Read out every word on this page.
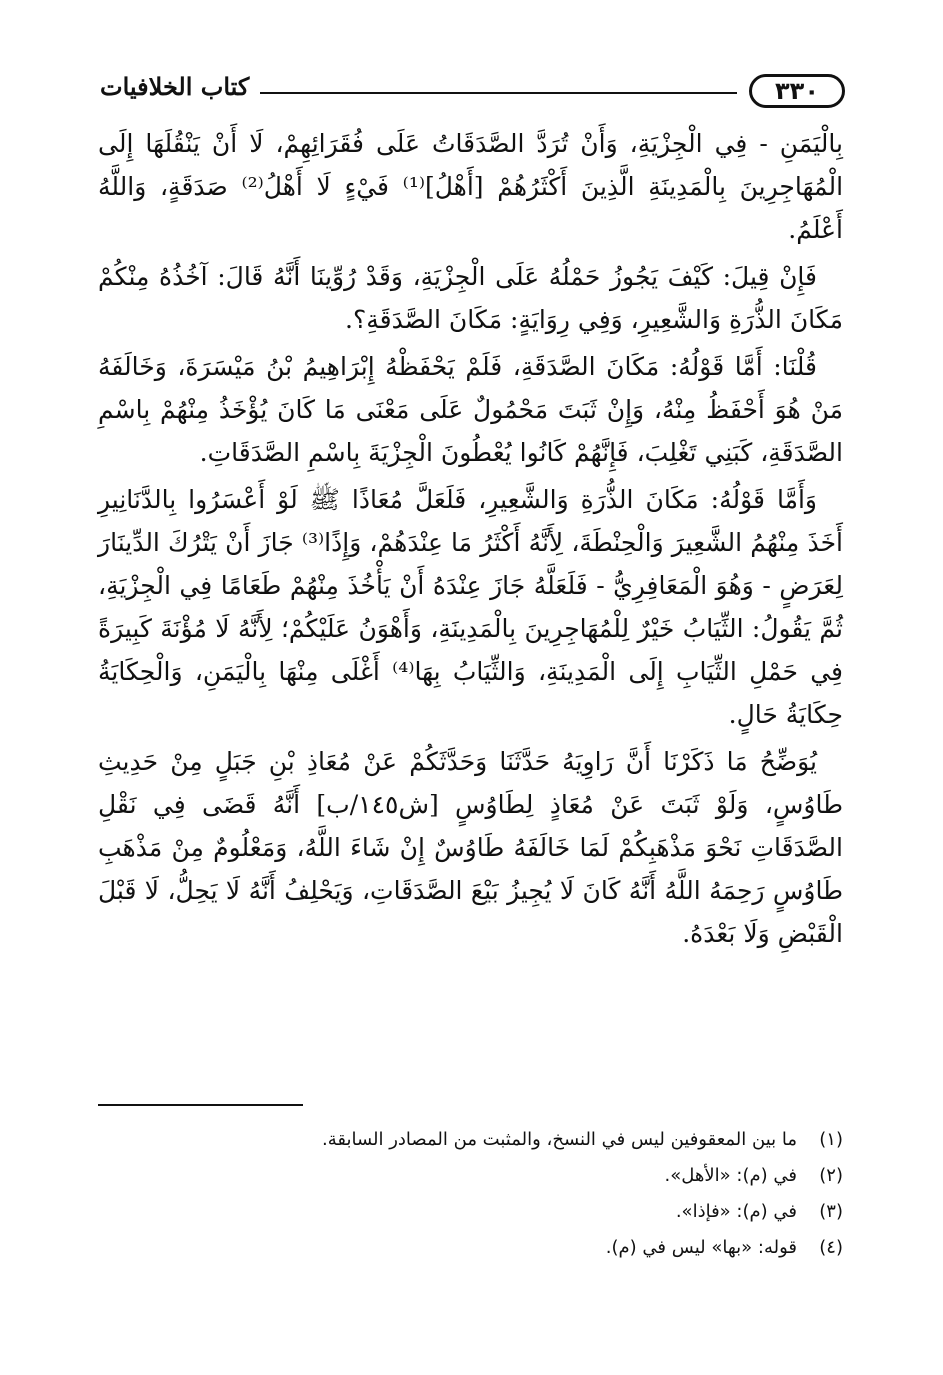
٣٣٠
كتاب الخلافيات

بِالْيَمَنِ - فِي الْجِزْيَةِ، وَأَنْ تُرَدَّ الصَّدَقَاتُ عَلَى فُقَرَائِهِمْ، لَا أَنْ يَنْقُلَهَا إِلَى الْمُهَاجِرِينَ بِالْمَدِينَةِ الَّذِينَ أَكْثَرُهُمْ [أَهْلُ]⁽¹⁾ فَيْءٍ لَا أَهْلُ⁽²⁾ صَدَقَةٍ، وَاللَّهُ أَعْلَمُ.

فَإِنْ قِيلَ: كَيْفَ يَجُوزُ حَمْلُهُ عَلَى الْجِزْيَةِ، وَقَدْ رُوِّينَا أَنَّهُ قَالَ: آخُذُهُ مِنْكُمْ مَكَانَ الذُّرَةِ وَالشَّعِيرِ، وَفِي رِوَايَةٍ: مَكَانَ الصَّدَقَةِ؟.

قُلْنَا: أَمَّا قَوْلُهُ: مَكَانَ الصَّدَقَةِ، فَلَمْ يَحْفَظْهُ إِبْرَاهِيمُ بْنُ مَيْسَرَةَ، وَخَالَفَهُ مَنْ هُوَ أَحْفَظُ مِنْهُ، وَإِنْ ثَبَتَ مَحْمُولٌ عَلَى مَعْنَى مَا كَانَ يُؤْخَذُ مِنْهُمْ بِاسْمِ الصَّدَقَةِ، كَبَنِي تَغْلِبَ، فَإِنَّهُمْ كَانُوا يُعْطُونَ الْجِزْيَةَ بِاسْمِ الصَّدَقَاتِ.

وَأَمَّا قَوْلُهُ: مَكَانَ الذُّرَةِ وَالشَّعِيرِ، فَلَعَلَّ مُعَاذًا ﷺ لَوْ أَعْسَرُوا بِالدَّنَانِيرِ أَخَذَ مِنْهُمُ الشَّعِيرَ وَالْحِنْطَةَ، لِأَنَّهُ أَكْثَرُ مَا عِنْدَهُمْ، وَإِذًا⁽³⁾ جَازَ أَنْ يَتْرُكَ الدِّينَارَ لِعَرَضٍ - وَهُوَ الْمَعَافِرِيُّ - فَلَعَلَّهُ جَازَ عِنْدَهُ أَنْ يَأْخُذَ مِنْهُمْ طَعَامًا فِي الْجِزْيَةِ، ثُمَّ يَقُولُ: الثِّيَابُ خَيْرٌ لِلْمُهَاجِرِينَ بِالْمَدِينَةِ، وَأَهْوَنُ عَلَيْكُمْ؛ لِأَنَّهُ لَا مُؤْنَةَ كَبِيرَةً فِي حَمْلِ الثِّيَابِ إِلَى الْمَدِينَةِ، وَالثِّيَابُ بِهَا⁽⁴⁾ أَغْلَى مِنْهَا بِالْيَمَنِ، وَالْحِكَايَةُ حِكَايَةُ حَالٍ.

يُوَضِّحُ مَا ذَكَرْنَا أَنَّ رَاوِيَهُ حَدَّثَنَا وَحَدَّثَكُمْ عَنْ مُعَاذِ بْنِ جَبَلٍ مِنْ حَدِيثِ طَاوُسٍ، وَلَوْ ثَبَتَ عَنْ مُعَاذٍ لِطَاوُسٍ [ش١٤٥/ب] أَنَّهُ قَضَى فِي نَقْلِ الصَّدَقَاتِ نَحْوَ مَذْهَبِكُمْ لَمَا خَالَفَهُ طَاوُسٌ إِنْ شَاءَ اللَّهُ، وَمَعْلُومٌ مِنْ مَذْهَبِ طَاوُسٍ رَحِمَهُ اللَّهُ أَنَّهُ كَانَ لَا يُجِيزُ بَيْعَ الصَّدَقَاتِ، وَيَحْلِفُ أَنَّهُ لَا يَحِلُّ، لَا قَبْلَ الْقَبْضِ وَلَا بَعْدَهُ.

(١)
ما بين المعقوفين ليس في النسخ، والمثبت من المصادر السابقة.
(٢)
في (م): «الأهل».
(٣)
في (م): «فإذا».
(٤)
قوله: «بها» ليس في (م).
